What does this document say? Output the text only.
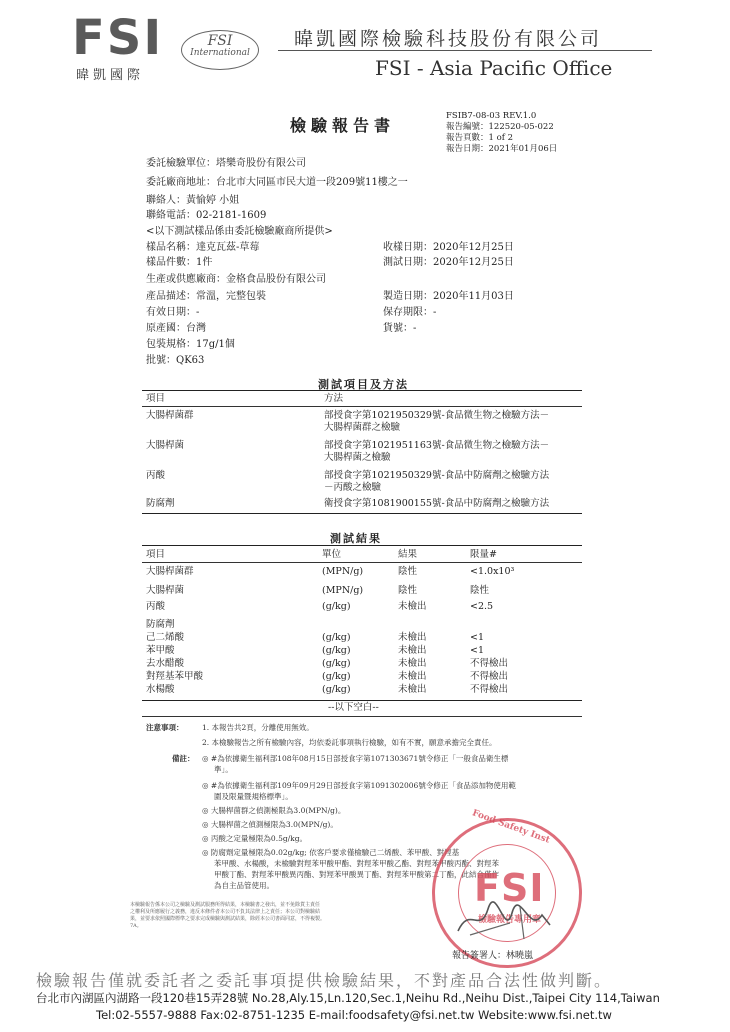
FSI
暐凱國際
FSI
International
暐凱國際檢驗科技股份有限公司
FSI - Asia Pacific Office
檢驗報告書	FSIB7-08-03 REV.1.0
報告編號：122520-05-022
報告頁數：1 of 2
報告日期：2021年01月06日
委託檢驗單位：塔樂奇股份有限公司
委託廠商地址：台北市大同區市民大道一段209號11樓之一
聯絡人：黃愉婷 小姐
聯絡電話：02-2181-1609
<以下測試樣品係由委託檢驗廠商所提供>
樣品名稱：達克瓦茲-草莓
樣品件數：1件
生產或供應廠商：金格食品股份有限公司
產品描述：常溫，完整包裝
有效日期：-
原產國：台灣
包裝規格：17g/1個
批號：QK63
收樣日期：2020年12月25日
測試日期：2020年12月25日
製造日期：2020年11月03日
保存期限：-
貨號：-
測試項目及方法
項目	方法
大腸桿菌群	部授食字第1021950329號-食品微生物之檢驗方法－
大腸桿菌群之檢驗
大腸桿菌	部授食字第1021951163號-食品微生物之檢驗方法－
大腸桿菌之檢驗
丙酸	部授食字第1021950329號-食品中防腐劑之檢驗方法
－丙酸之檢驗
防腐劑	衛授食字第1081900155號-食品中防腐劑之檢驗方法
測試結果
項目	單位	結果	限量#
大腸桿菌群	(MPN/g)	陰性	<1.0x10³
大腸桿菌	(MPN/g)	陰性	陰性
丙酸	(g/kg)	未檢出	<2.5
防腐劑
己二烯酸	(g/kg)	未檢出	<1
苯甲酸	(g/kg)	未檢出	<1
去水醋酸	(g/kg)	未檢出	不得檢出
對羥基苯甲酸	(g/kg)	未檢出	不得檢出
水楊酸	(g/kg)	未檢出	不得檢出
--以下空白--
注意事項： 1. 本報告共2頁，分離使用無效。
2. 本檢驗報告之所有檢驗內容，均依委託事項執行檢驗，如有不實，願意承擔完全責任。
備註： ◎ #為依據衛生福利部108年08月15日部授食字第1071303671號令修正「一般食品衛生標
準」。
◎ #為依據衛生福利部109年09月29日部授食字第1091302006號令修正「食品添加物使用範
圍及限量暨規格標準」。
◎ 大腸桿菌群之偵測極限為3.0(MPN/g)。
◎ 大腸桿菌之偵測極限為3.0(MPN/g)。
◎ 丙酸之定量極限為0.5g/kg。
◎ 防腐劑定量極限為0.02g/kg; 依客戶要求僅檢驗己二烯酸、苯甲酸、對羥基
苯甲酸、水楊酸，未檢驗對羥苯甲酸甲酯、對羥苯甲酸乙酯、對羥苯甲酸丙酯、對羥苯
甲酸丁酯、對羥苯甲酸異丙酯、對羥苯甲酸異丁酯、對羥苯甲酸第二丁酯，此結合僅作
為自主品管使用。
本檢驗報告係本公司之檢驗及測試服務所得結果，本檢驗書之發出，並不免除貨主責任
之權利及所應履行之義務，違反本條件者本公司不負其法律上之責任；本公司對檢驗結
果，並要求依照國際標準之要求完成檢驗與測試結果，除經本公司書面同意，不得複製。
7A。
Food Safety Inst
FSI
檢驗報告專用章
報告簽署人：林曉嵐
檢驗報告僅就委託者之委託事項提供檢驗結果，不對產品合法性做判斷。
台北市內湖區內湖路一段120巷15弄28號 No.28,Aly.15,Ln.120,Sec.1,Neihu Rd.,Neihu Dist.,Taipei City 114,Taiwan
Tel:02-5557-9888 Fax:02-8751-1235 E-mail:foodsafety@fsi.net.tw Website:www.fsi.net.tw
